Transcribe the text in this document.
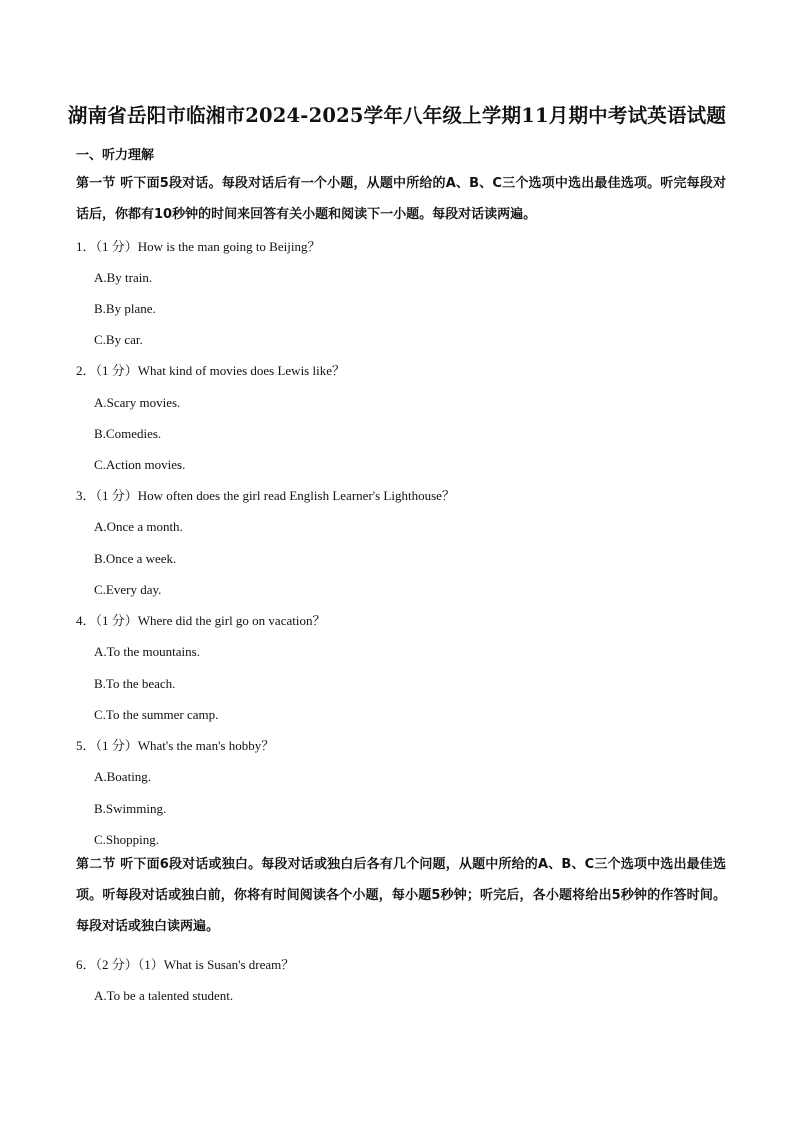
湖南省岳阳市临湘市2024-2025学年八年级上学期11月期中考试英语试题
一、听力理解
第一节 听下面5段对话。每段对话后有一个小题，从题中所给的A、B、C三个选项中选出最佳选项。听完每段对话后，你都有10秒钟的时间来回答有关小题和阅读下一小题。每段对话读两遍。
1．（1 分）How is the man going to Beijing？
A.By train.
B.By plane.
C.By car.
2．（1 分）What kind of movies does Lewis like？
A.Scary movies.
B.Comedies.
C.Action movies.
3．（1 分）How often does the girl read English Learner's Lighthouse？
A.Once a month.
B.Once a week.
C.Every day.
4．（1 分）Where did the girl go on vacation？
A.To the mountains.
B.To the beach.
C.To the summer camp.
5．（1 分）What's the man's hobby？
A.Boating.
B.Swimming.
C.Shopping.
第二节 听下面6段对话或独白。每段对话或独白后各有几个问题，从题中所给的A、B、C三个选项中选出最佳选项。听每段对话或独白前，你将有时间阅读各个小题，每小题5秒钟；听完后，各小题将给出5秒钟的作答时间。每段对话或独白读两遍。
6．（2 分）（1）What is Susan's dream？
A.To be a talented student.
